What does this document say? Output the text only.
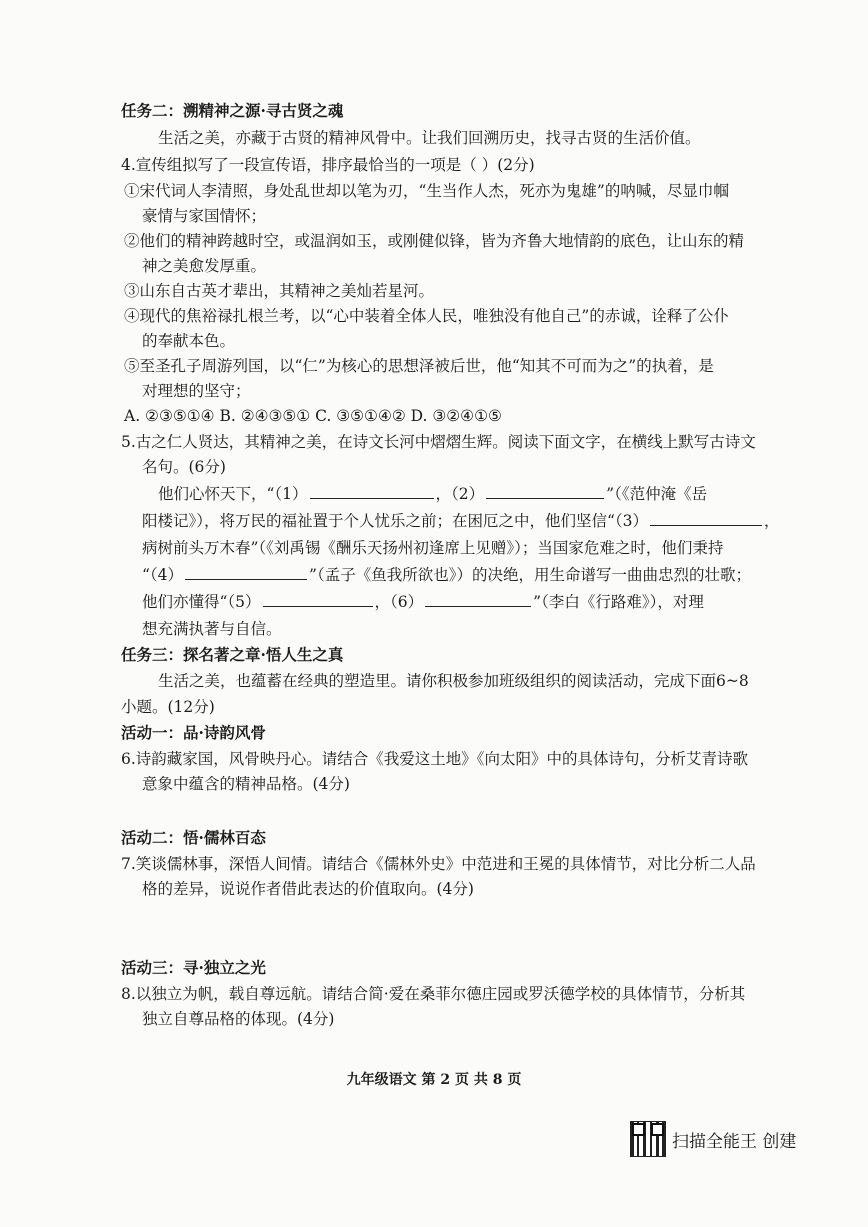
任务二：溯精神之源·寻古贤之魂
生活之美，亦藏于古贤的精神风骨中。让我们回溯历史，找寻古贤的生活价值。
4.宣传组拟写了一段宣传语，排序最恰当的一项是（ ）(2分)
①宋代词人李清照，身处乱世却以笔为刃，“生当作人杰，死亦为鬼雄”的呐喊，尽显巾帼
豪情与家国情怀；
②他们的精神跨越时空，或温润如玉，或刚健似锋，皆为齐鲁大地情韵的底色，让山东的精
神之美愈发厚重。
③山东自古英才辈出，其精神之美灿若星河。
④现代的焦裕禄扎根兰考，以“心中装着全体人民，唯独没有他自己”的赤诚，诠释了公仆
的奉献本色。
⑤至圣孔子周游列国，以“仁”为核心的思想泽被后世，他“知其不可而为之”的执着，是
对理想的坚守；
A. ②③⑤①④ B. ②④③⑤① C. ③⑤①④② D. ③②④①⑤
5.古之仁人贤达，其精神之美，在诗文长河中熠熠生辉。阅读下面文字，在横线上默写古诗文
名句。(6分)
他们心怀天下，“（1）	，（2）	”（《范仲淹《岳
阳楼记》），将万民的福祉置于个人忧乐之前；在困厄之中，他们坚信“（3）	，
病树前头万木春”（《刘禹锡《酬乐天扬州初逢席上见赠》）；当国家危难之时，他们秉持
“（4）	”（孟子《鱼我所欲也》）的决绝，用生命谱写一曲曲忠烈的壮歌；
他们亦懂得“（5）	，（6）	”（李白《行路难》），对理
想充满执著与自信。
任务三：探名著之章·悟人生之真
生活之美，也蕴蓄在经典的塑造里。请你积极参加班级组织的阅读活动，完成下面6~8
小题。(12分)
活动一：品·诗韵风骨
6.诗韵藏家国，风骨映丹心。请结合《我爱这土地》《向太阳》中的具体诗句，分析艾青诗歌
意象中蕴含的精神品格。(4分)
活动二：悟·儒林百态
7.笑谈儒林事，深悟人间情。请结合《儒林外史》中范进和王冕的具体情节，对比分析二人品
格的差异，说说作者借此表达的价值取向。(4分)
活动三：寻·独立之光
8.以独立为帆，载自尊远航。请结合简·爱在桑菲尔德庄园或罗沃德学校的具体情节，分析其
独立自尊品格的体现。(4分)
九年级语文 第 2 页 共 8 页
扫描全能王 创建
